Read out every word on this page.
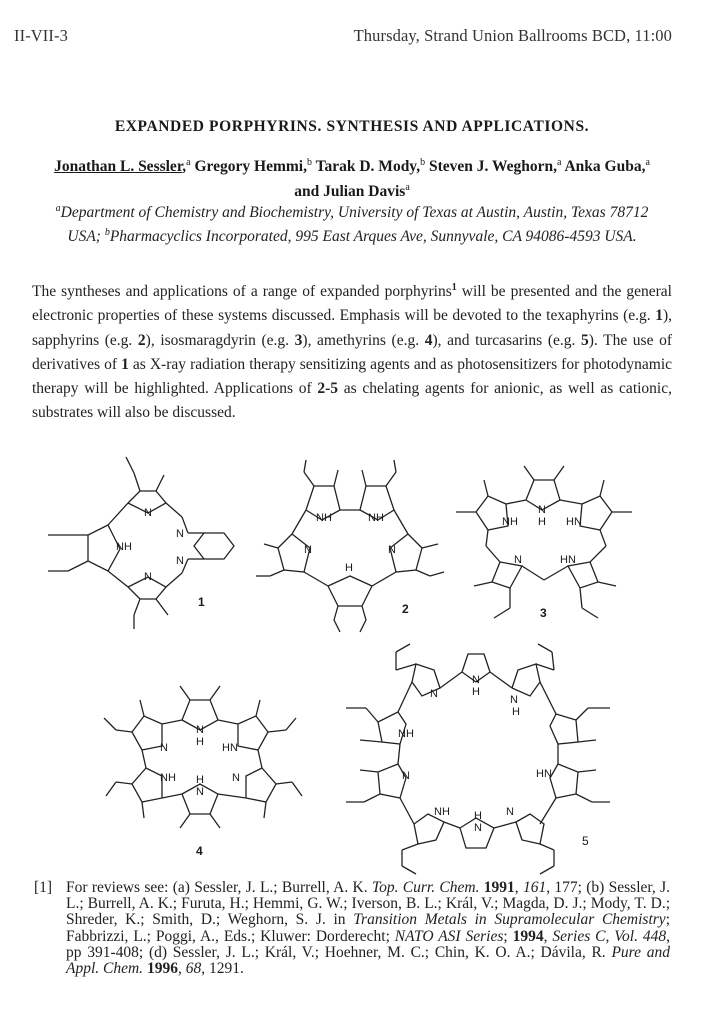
II-VII-3	Thursday, Strand Union Ballrooms BCD, 11:00
EXPANDED PORPHYRINS. SYNTHESIS AND APPLICATIONS.
Jonathan L. Sessler,$^a$ Gregory Hemmi,$^b$ Tarak D. Mody,$^b$ Steven J. Weghorn,$^a$ Anka Guba,$^a$ and Julian Davis$^a$
$^a$Department of Chemistry and Biochemistry, University of Texas at Austin, Austin, Texas 78712 USA; $^b$Pharmacyclics Incorporated, 995 East Arques Ave, Sunnyvale, CA 94086-4593 USA.
The syntheses and applications of a range of expanded porphyrins$^1$ will be presented and the general electronic properties of these systems discussed. Emphasis will be devoted to the texaphyrins (e.g. 1), sapphyrins (e.g. 2), isosmaragdyrin (e.g. 3), amethyrins (e.g. 4), and turcasarins (e.g. 5). The use of derivatives of 1 as X-ray radiation therapy sensitizing agents and as photosensitizers for photodynamic therapy will be highlighted. Applications of 2-5 as chelating agents for anionic, as well as cationic, substrates will also be discussed.
N
N
NH
N
N
1
NH	NH
N	N
H
2
NH
N
H HN
N	HN
3
N
N
H HN
NH H
N
N
4
N
N
H
N
H
NH
N	HN
NH H
N
N
5
[1] For reviews see: (a) Sessler, J. L.; Burrell, A. K. Top. Curr. Chem. 1991, 161, 177; (b) Sessler, J. L.; Burrell, A. K.; Furuta, H.; Hemmi, G. W.; Iverson, B. L.; Král, V.; Magda, D. J.; Mody, T. D.; Shreder, K.; Smith, D.; Weghorn, S. J. in Transition Metals in Supramolecular Chemistry; Fabbrizzi, L.; Poggi, A., Eds.; Kluwer: Dorderecht; NATO ASI Series; 1994, Series C, Vol. 448, pp 391-408; (d) Sessler, J. L.; Král, V.; Hoehner, M. C.; Chin, K. O. A.; Dávila, R. Pure and Appl. Chem. 1996, 68, 1291.
